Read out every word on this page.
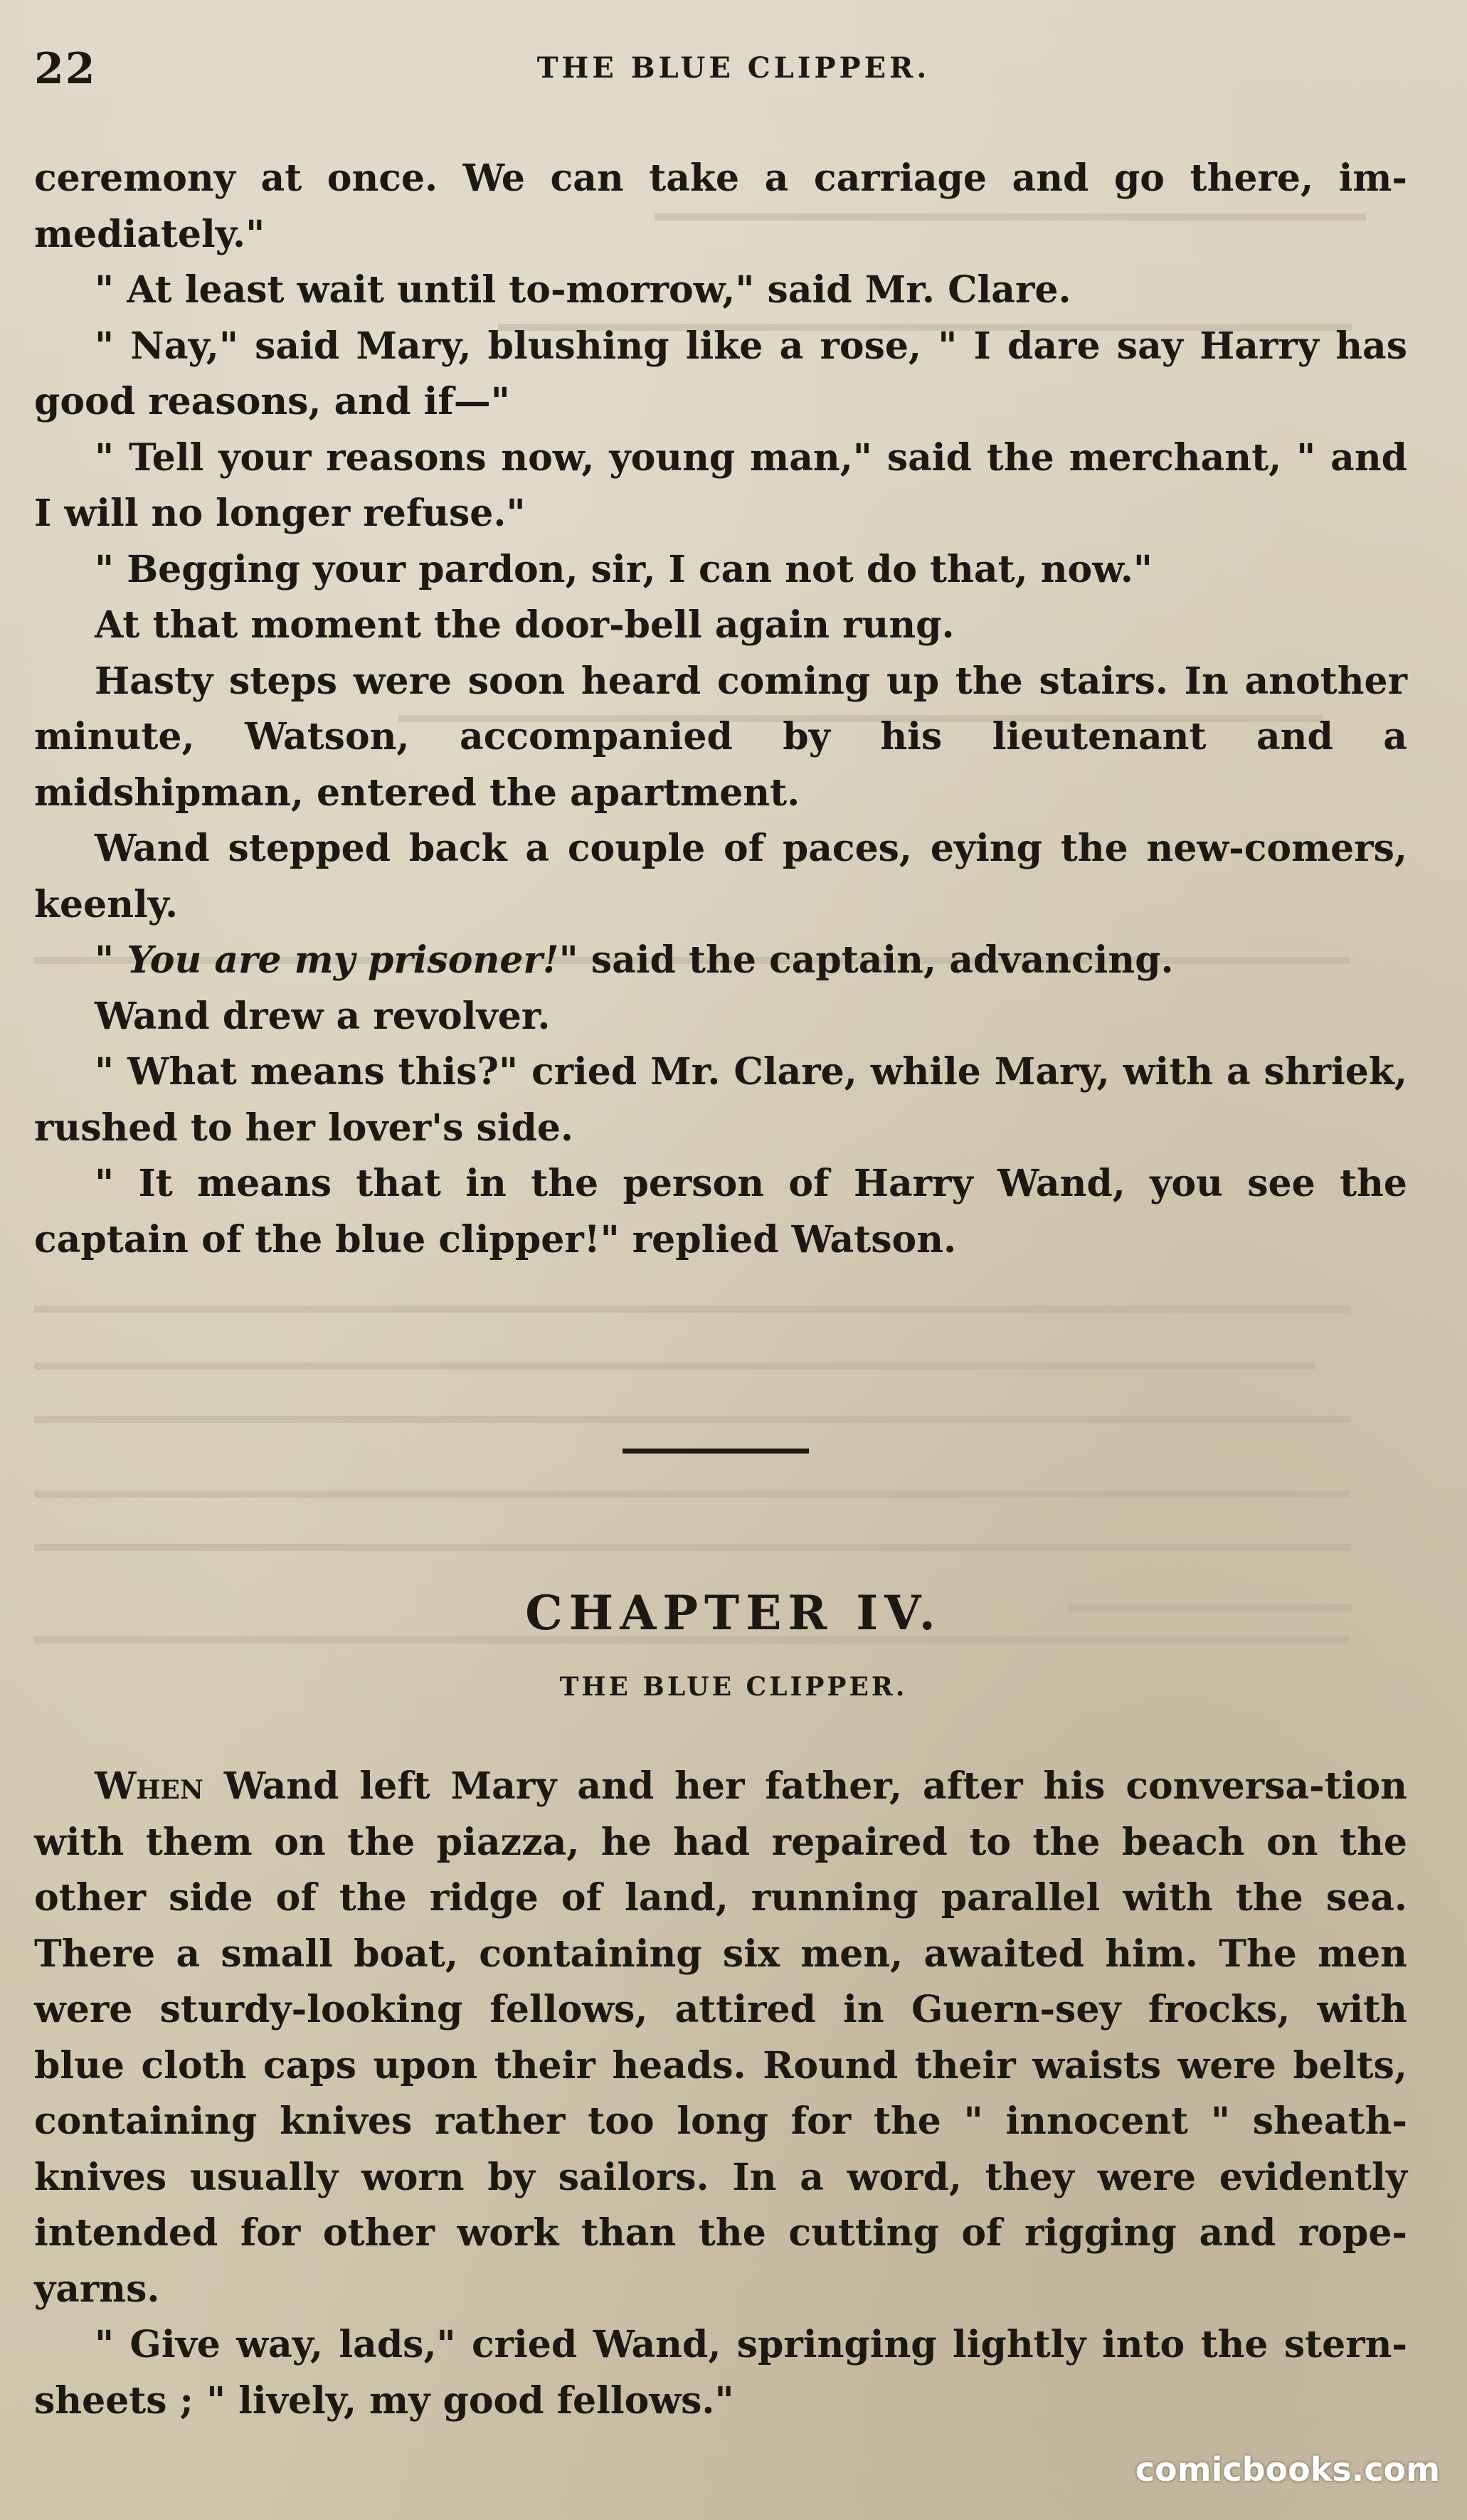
22	THE BLUE CLIPPER.

ceremony at once. We can take a carriage and go there, im-mediately."

" At least wait until to-morrow," said Mr. Clare.

" Nay," said Mary, blushing like a rose, " I dare say Harry has good reasons, and if—"

" Tell your reasons now, young man," said the merchant, " and I will no longer refuse."

" Begging your pardon, sir, I can not do that, now."

At that moment the door-bell again rung.

Hasty steps were soon heard coming up the stairs. In another minute, Watson, accompanied by his lieutenant and a midshipman, entered the apartment.

Wand stepped back a couple of paces, eying the new-comers, keenly.

" You are my prisoner!" said the captain, advancing.

Wand drew a revolver.

" What means this?" cried Mr. Clare, while Mary, with a shriek, rushed to her lover's side.

" It means that in the person of Harry Wand, you see the captain of the blue clipper!" replied Watson.

CHAPTER IV.
THE BLUE CLIPPER.

When Wand left Mary and her father, after his conversa-tion with them on the piazza, he had repaired to the beach on the other side of the ridge of land, running parallel with the sea. There a small boat, containing six men, awaited him. The men were sturdy-looking fellows, attired in Guern-sey frocks, with blue cloth caps upon their heads. Round their waists were belts, containing knives rather too long for the " innocent " sheath-knives usually worn by sailors. In a word, they were evidently intended for other work than the cutting of rigging and rope-yarns.

" Give way, lads," cried Wand, springing lightly into the stern-sheets ; " lively, my good fellows."

comicbooks.com
